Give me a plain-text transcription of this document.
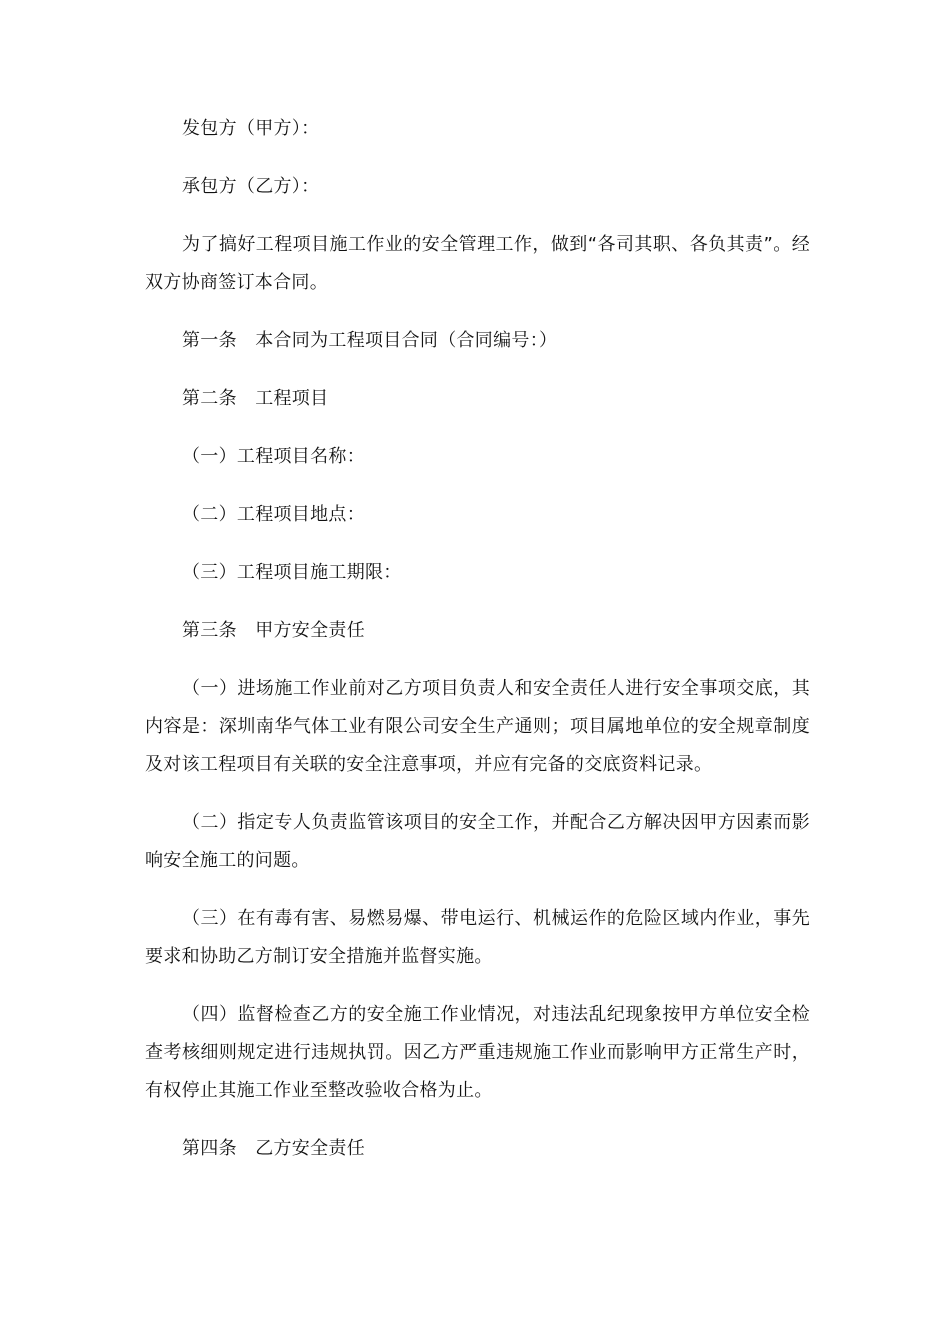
发包方（甲方）：

承包方（乙方）：

为了搞好工程项目施工作业的安全管理工作，做到“各司其职、各负其责”。经双方协商签订本合同。

第一条　本合同为工程项目合同（合同编号：）

第二条　工程项目

（一）工程项目名称：

（二）工程项目地点：

（三）工程项目施工期限：

第三条　甲方安全责任

（一）进场施工作业前对乙方项目负责人和安全责任人进行安全事项交底，其内容是：深圳南华气体工业有限公司安全生产通则；项目属地单位的安全规章制度及对该工程项目有关联的安全注意事项，并应有完备的交底资料记录。

（二）指定专人负责监管该项目的安全工作，并配合乙方解决因甲方因素而影响安全施工的问题。

（三）在有毒有害、易燃易爆、带电运行、机械运作的危险区域内作业，事先要求和协助乙方制订安全措施并监督实施。

（四）监督检查乙方的安全施工作业情况，对违法乱纪现象按甲方单位安全检查考核细则规定进行违规执罚。因乙方严重违规施工作业而影响甲方正常生产时，有权停止其施工作业至整改验收合格为止。

第四条　乙方安全责任
